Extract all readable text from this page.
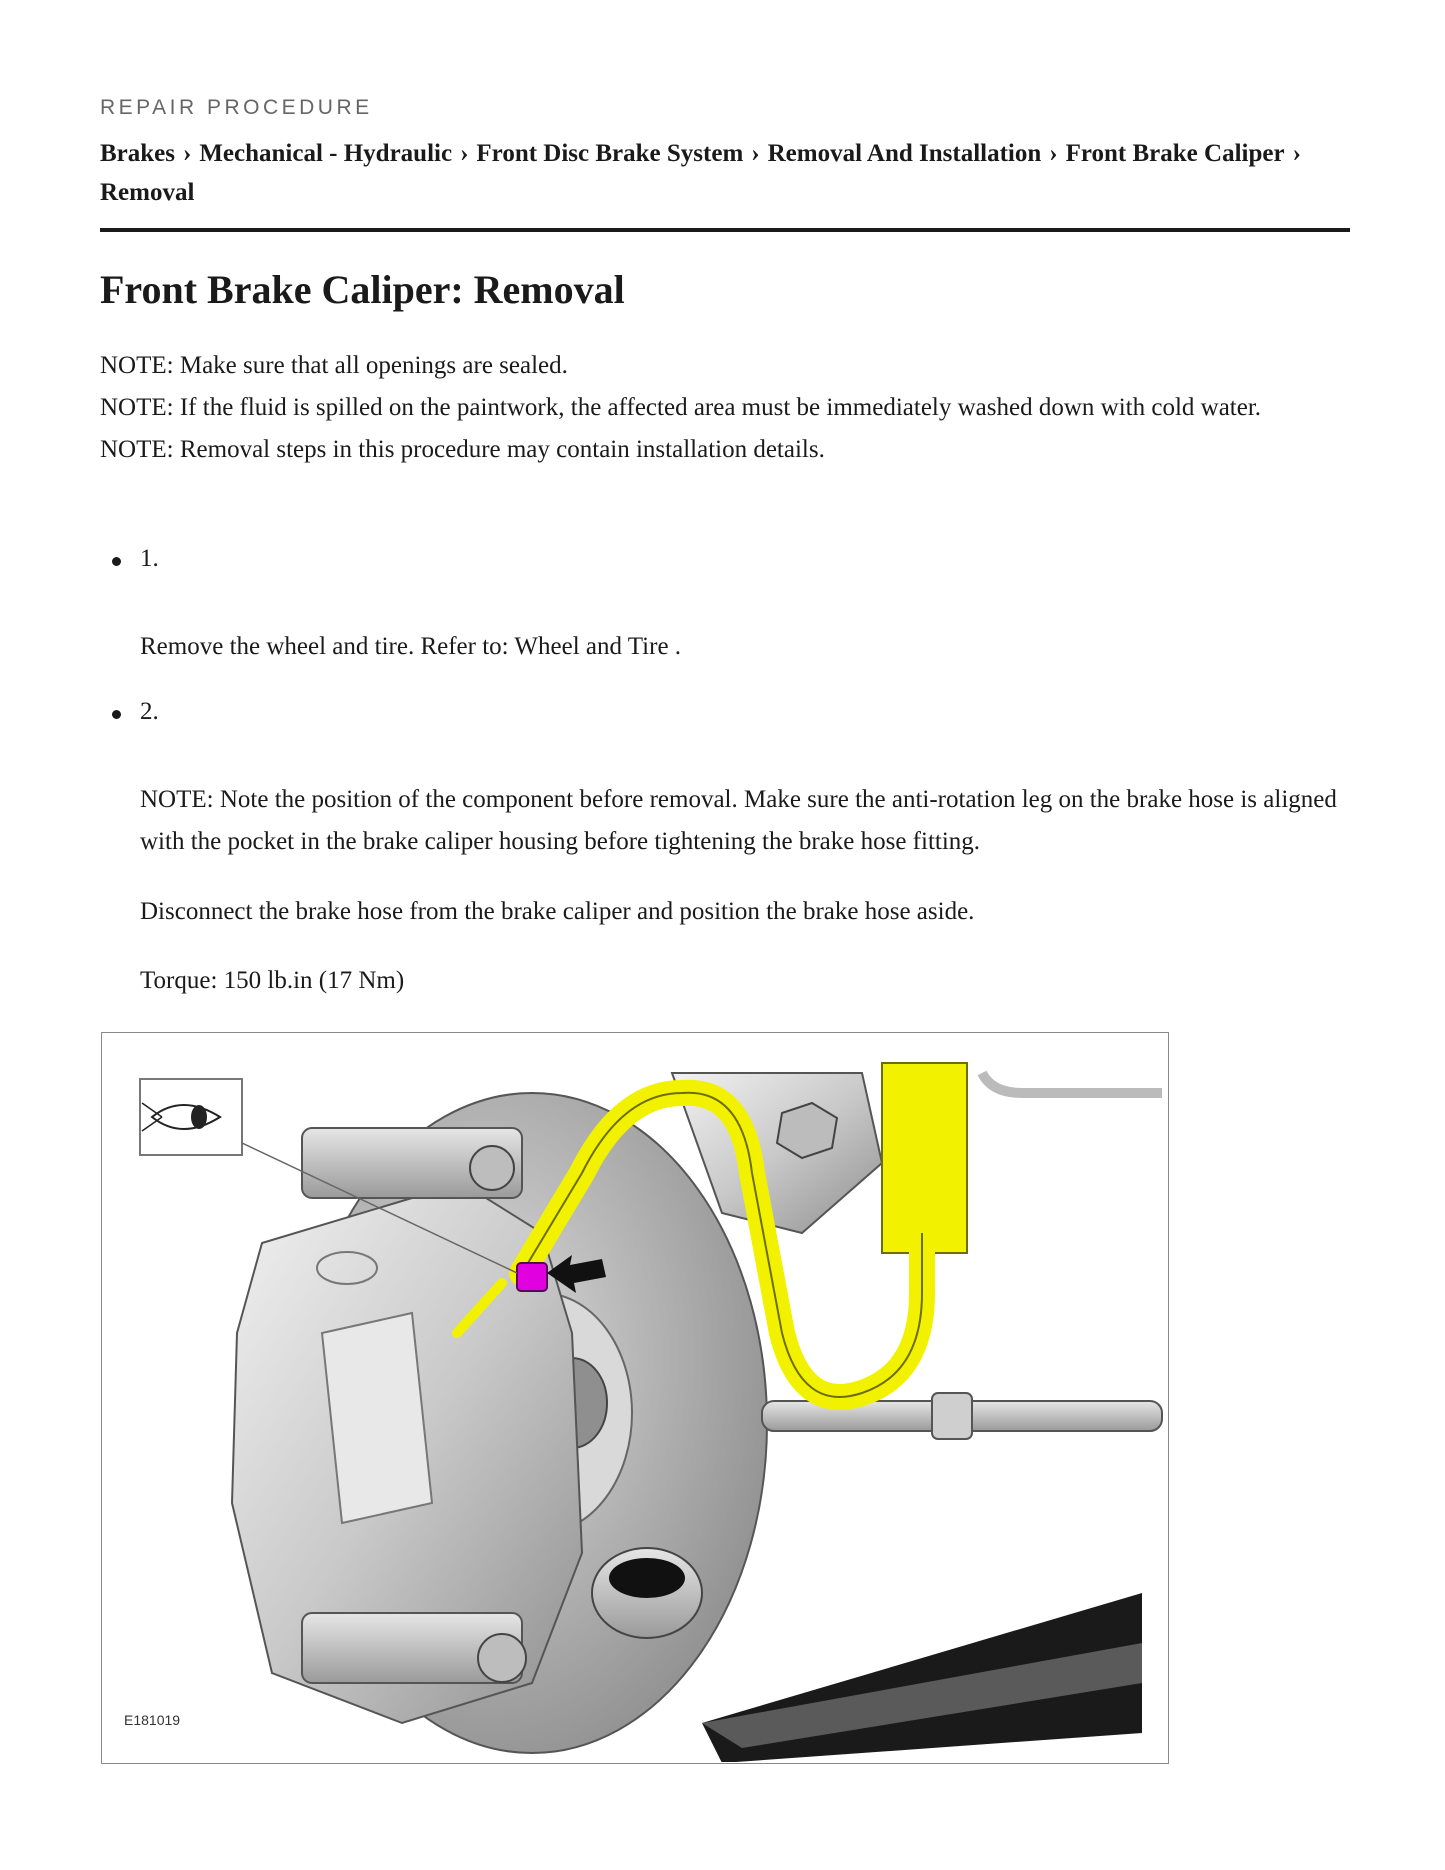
REPAIR PROCEDURE
Brakes › Mechanical - Hydraulic › Front Disc Brake System › Removal And Installation › Front Brake Caliper ›
Removal
Front Brake Caliper: Removal
NOTE: Make sure that all openings are sealed.
NOTE: If the fluid is spilled on the paintwork, the affected area must be immediately washed down with cold water.
NOTE: Removal steps in this procedure may contain installation details.
1.
Remove the wheel and tire. Refer to: Wheel and Tire .
2.
NOTE: Note the position of the component before removal. Make sure the anti-rotation leg on the brake hose is aligned with the pocket in the brake caliper housing before tightening the brake hose fitting.
Disconnect the brake hose from the brake caliper and position the brake hose aside.
Torque: 150 lb.in (17 Nm)
E181019
